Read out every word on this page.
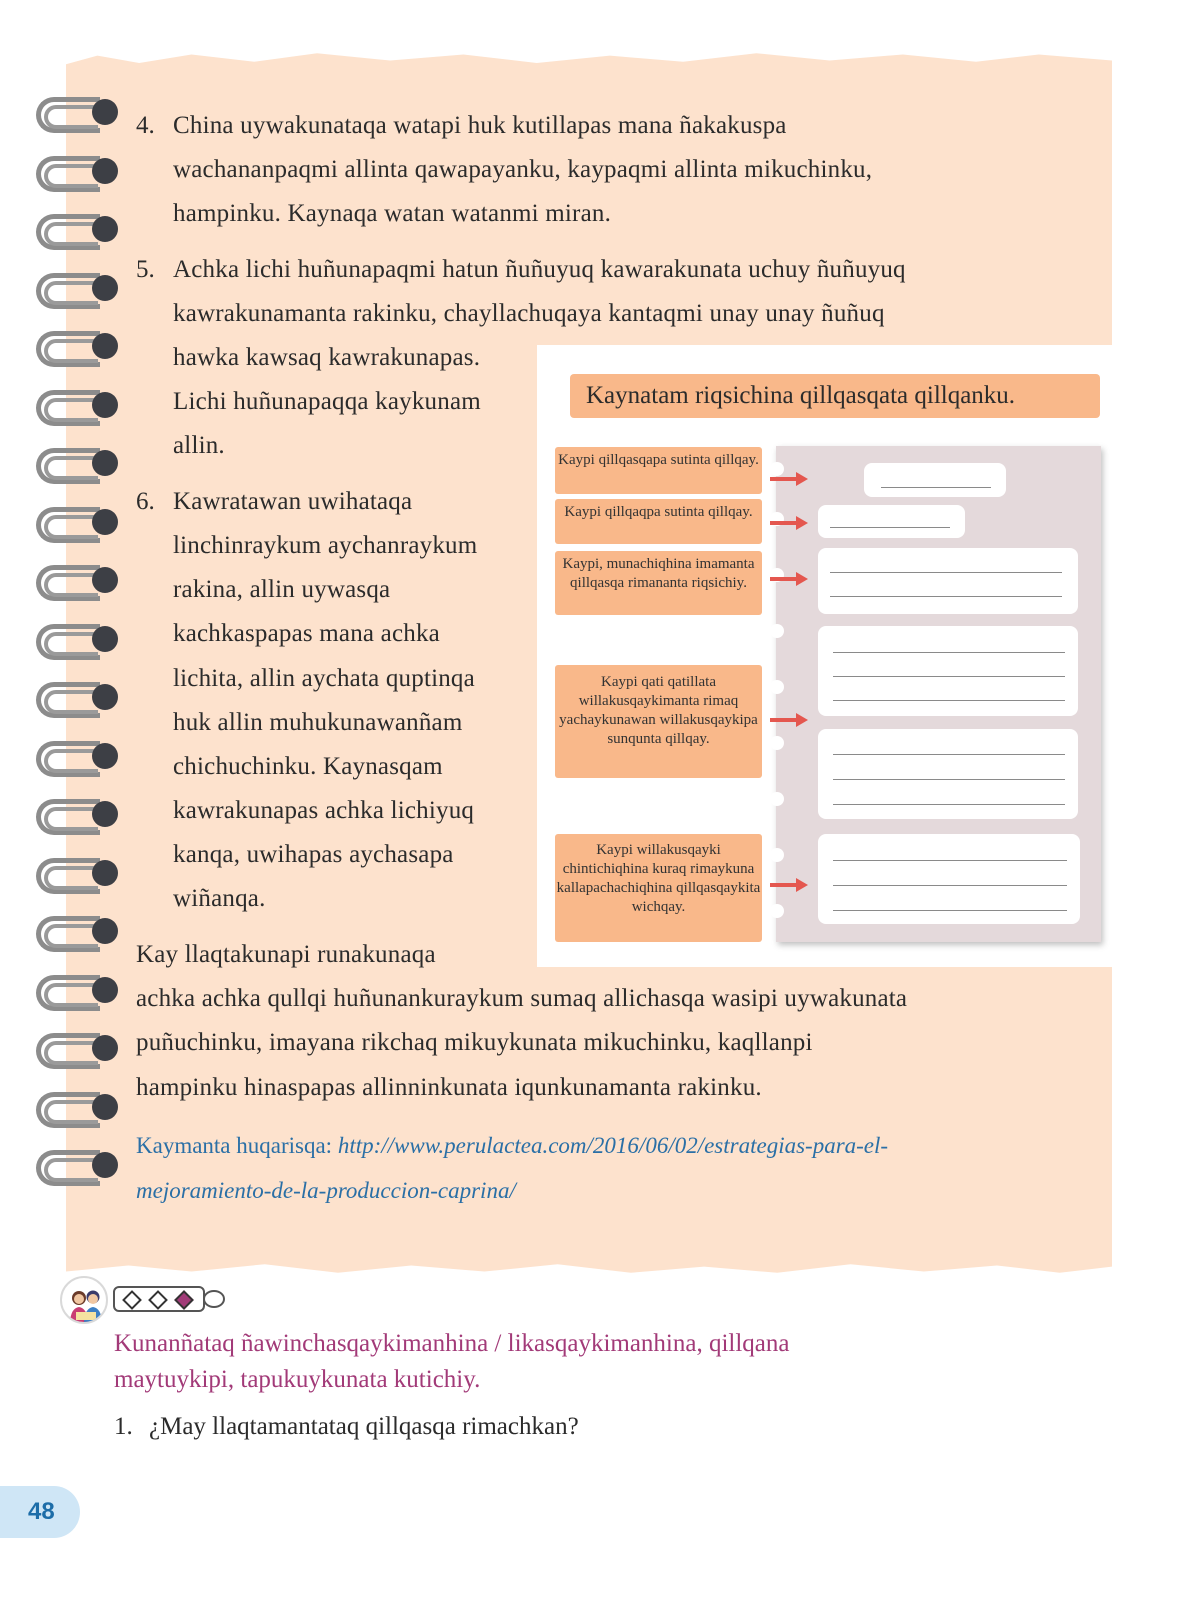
4. China uywakunataqa watapi huk kutillapas mana ñakakuspa
wachananpaqmi allinta qawapayanku, kaypaqmi allinta mikuchinku,
hampinku. Kaynaqa watan watanmi miran.
5. Achka lichi huñunapaqmi hatun ñuñuyuq kawarakunata uchuy ñuñuyuq
kawrakunamanta rakinku, chayllachuqaya kantaqmi unay unay ñuñuq
hawka kawsaq kawrakunapas.
Lichi huñunapaqqa kaykunam
allin.
6. Kawratawan uwihataqa
linchinraykum aychanraykum
rakina, allin uywasqa
kachkaspapas mana achka
lichita, allin aychata quptinqa
huk allin muhukunawanñam
chichuchinku. Kaynasqam
kawrakunapas achka lichiyuq
kanqa, uwihapas aychasapa
wiñanqa.
Kay llaqtakunapi runakunaqa
achka achka qullqi huñunankuraykum sumaq allichasqa wasipi uywakunata
puñuchinku, imayana rikchaq mikuykunata mikuchinku, kaqllanpi
hampinku hinaspapas allinninkunata iqunkunamanta rakinku.
Kaymanta huqarisqa: http://www.perulactea.com/2016/06/02/estrategias-para-el-
mejoramiento-de-la-produccion-caprina/
Kaynatam riqsichina qillqasqata qillqanku.
Kaypi qillqasqapa sutinta qillqay.
Kaypi qillqaqpa sutinta qillqay.
Kaypi, munachiqhina imamanta qillqasqa rimananta riqsichiy.
Kaypi qati qatillata willakusqaykimanta rimaq yachaykunawan willakusqaykipa sunqunta qillqay.
Kaypi willakusqayki chintichiqhina kuraq rimaykuna kallapachachiqhina qillqasqaykita wichqay.
Kunanñataq ñawinchasqaykimanhina / likasqaykimanhina, qillqana
maytuykipi, tapukuykunata kutichiy.
1. ¿May llaqtamantataq qillqasqa rimachkan?
48
